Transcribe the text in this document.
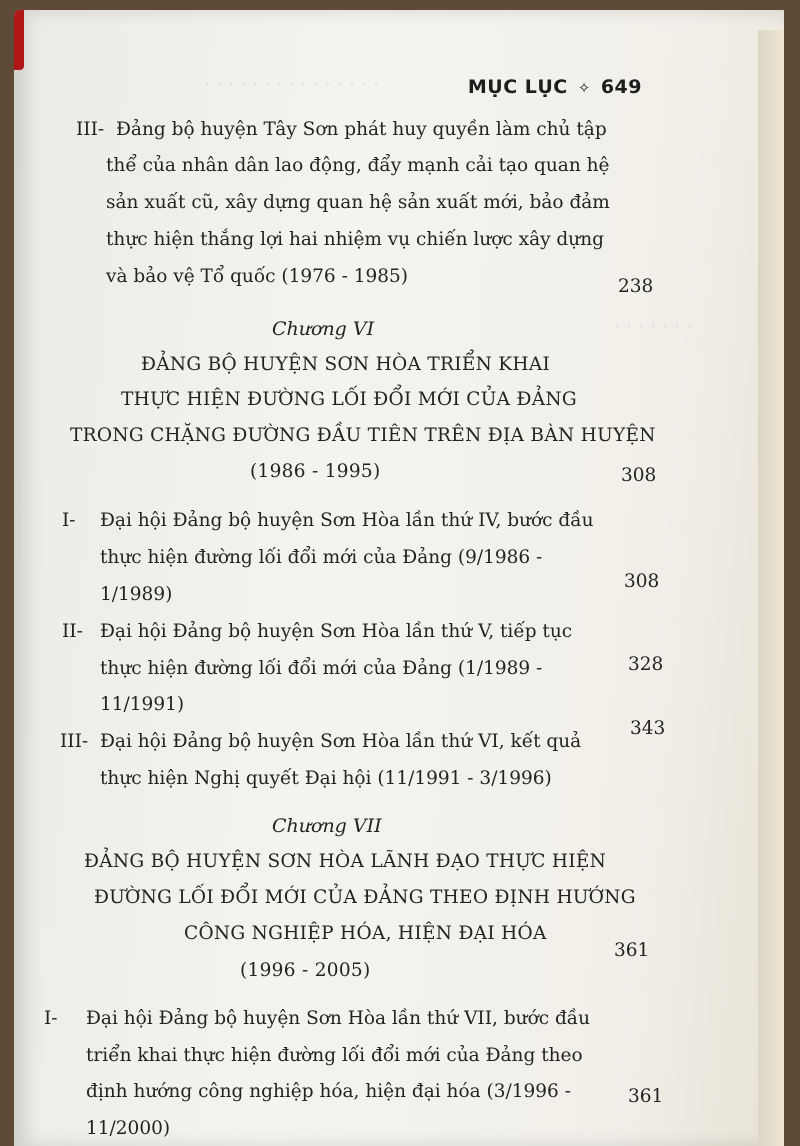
. . . . . . . . . . . . . . .
. . . . . . .
MỤC LỤC ✧ 649
III- Đảng bộ huyện Tây Sơn phát huy quyền làm chủ tập
thể của nhân dân lao động, đẩy mạnh cải tạo quan hệ
sản xuất cũ, xây dựng quan hệ sản xuất mới, bảo đảm
thực hiện thắng lợi hai nhiệm vụ chiến lược xây dựng
và bảo vệ Tổ quốc (1976 - 1985)	238
Chương VI
ĐẢNG BỘ HUYỆN SƠN HÒA TRIỂN KHAI
THỰC HIỆN ĐƯỜNG LỐI ĐỔI MỚI CỦA ĐẢNG
TRONG CHẶNG ĐƯỜNG ĐẦU TIÊN TRÊN ĐỊA BÀN HUYỆN
(1986 - 1995)	308
I- Đại hội Đảng bộ huyện Sơn Hòa lần thứ IV, bước đầu
thực hiện đường lối đổi mới của Đảng (9/1986 -
1/1989)
308
II- Đại hội Đảng bộ huyện Sơn Hòa lần thứ V, tiếp tục
thực hiện đường lối đổi mới của Đảng (1/1989 -
11/1991)
328
III- Đại hội Đảng bộ huyện Sơn Hòa lần thứ VI, kết quả
thực hiện Nghị quyết Đại hội (11/1991 - 3/1996)
343
Chương VII
ĐẢNG BỘ HUYỆN SƠN HÒA LÃNH ĐẠO THỰC HIỆN
ĐƯỜNG LỐI ĐỔI MỚI CỦA ĐẢNG THEO ĐỊNH HƯỚNG
CÔNG NGHIỆP HÓA, HIỆN ĐẠI HÓA
(1996 - 2005)
361
I- Đại hội Đảng bộ huyện Sơn Hòa lần thứ VII, bước đầu
triển khai thực hiện đường lối đổi mới của Đảng theo
định hướng công nghiệp hóa, hiện đại hóa (3/1996 -
11/2000)
361
